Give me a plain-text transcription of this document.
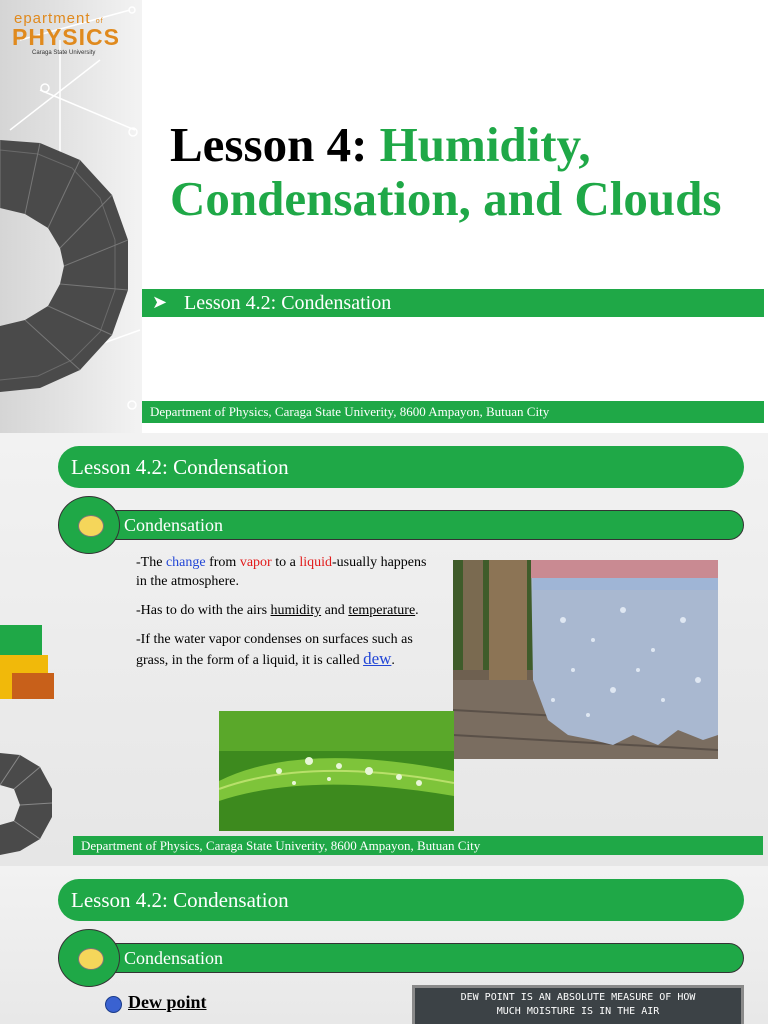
epartment of
PHYSICS
Caraga State University
Lesson 4: Humidity, Condensation, and Clouds
➤ Lesson 4.2: Condensation
Department of Physics, Caraga State Univerity, 8600 Ampayon, Butuan City
Lesson 4.2: Condensation
Condensation

-The change from vapor to a liquid-usually happens in the atmosphere.

-Has to do with the airs humidity and temperature.

-If the water vapor condenses on surfaces such as grass, in the form of a liquid, it is called dew.

Department of Physics, Caraga State Univerity, 8600 Ampayon, Butuan City
Lesson 4.2: Condensation
Condensation
Dew point	DEW POINT IS AN ABSOLUTE MEASURE OF HOW
MUCH MOISTURE IS IN THE AIR
